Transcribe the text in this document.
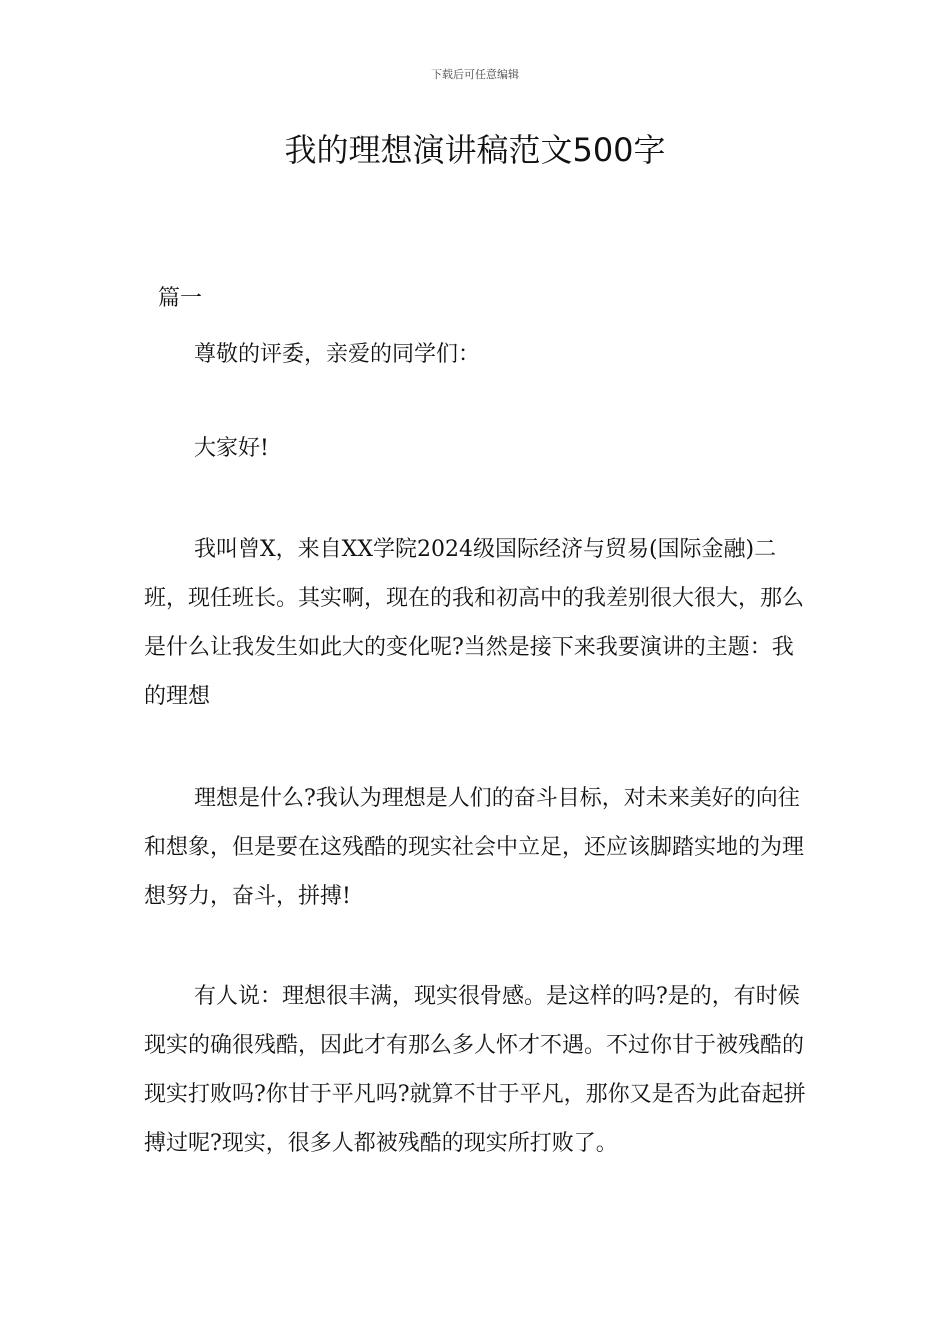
下载后可任意编辑
我的理想演讲稿范文500字
篇一

尊敬的评委，亲爱的同学们：

大家好!

我叫曾X，来自XX学院2024级国际经济与贸易(国际金融)二班，现任班长。其实啊，现在的我和初高中的我差别很大很大，那么是什么让我发生如此大的变化呢?当然是接下来我要演讲的主题：我的理想

理想是什么?我认为理想是人们的奋斗目标，对未来美好的向往和想象，但是要在这残酷的现实社会中立足，还应该脚踏实地的为理想努力，奋斗，拼搏!

有人说：理想很丰满，现实很骨感。是这样的吗?是的，有时候现实的确很残酷，因此才有那么多人怀才不遇。不过你甘于被残酷的现实打败吗?你甘于平凡吗?就算不甘于平凡，那你又是否为此奋起拼搏过呢?现实，很多人都被残酷的现实所打败了。
